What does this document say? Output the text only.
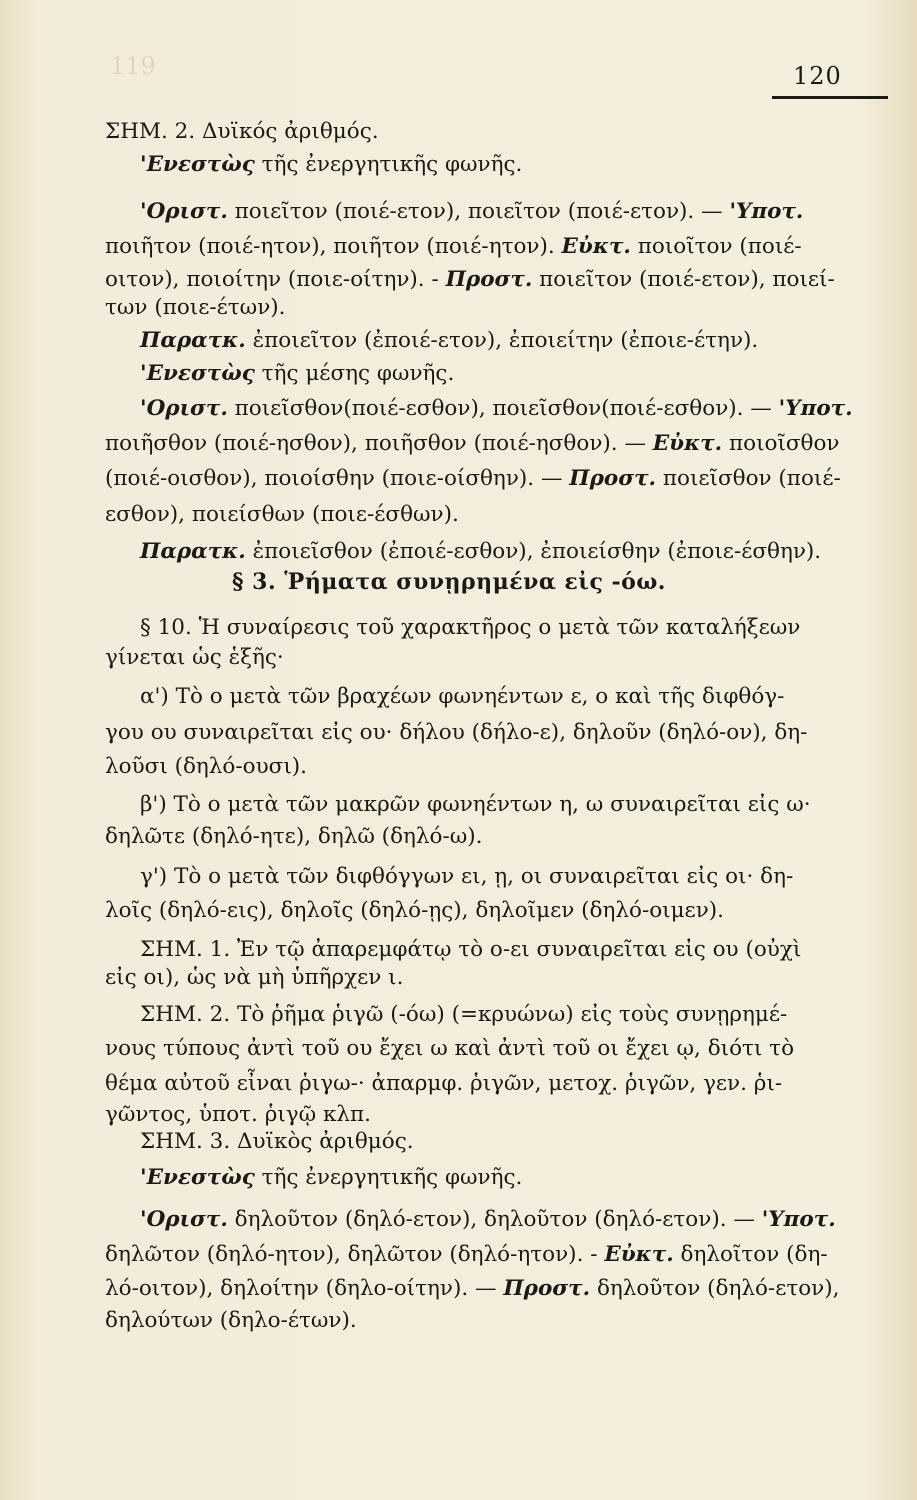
119	120
ΣΗΜ. 2. Δυϊκός ἀριθμός.
'Ενεστὼς τῆς ἐνεργητικῆς φωνῆς.
'Οριστ. ποιεῖτον (ποιέ-ετον), ποιεῖτον (ποιέ-ετον). — 'Υποτ.
ποιῆτον (ποιέ-ητον), ποιῆτον (ποιέ-ητον). Εὐκτ. ποιοῖτον (ποιέ-
οιτον), ποιοίτην (ποιε-οίτην). - Προστ. ποιεῖτον (ποιέ-ετον), ποιεί-
των (ποιε-έτων).
Παρατκ. ἐποιεῖτον (ἐποιέ-ετον), ἐποιείτην (ἐποιε-έτην).
'Ενεστὼς τῆς μέσης φωνῆς.
'Οριστ. ποιεῖσθον(ποιέ-εσθον), ποιεῖσθον(ποιέ-εσθον). — 'Υποτ.
ποιῆσθον (ποιέ-ησθον), ποιῆσθον (ποιέ-ησθον). — Εὐκτ. ποιοῖσθον
(ποιέ-οισθον), ποιοίσθην (ποιε-οίσθην). — Προστ. ποιεῖσθον (ποιέ-
εσθον), ποιείσθων (ποιε-έσθων).
Παρατκ. ἐποιεῖσθον (ἐποιέ-εσθον), ἐποιείσθην (ἐποιε-έσθην).
§ 3. Ῥήματα συνῃρημένα εἰς -όω.
§ 10. Ἡ συναίρεσις τοῦ χαρακτῆρος ο μετὰ τῶν καταλήξεων
γίνεται ὡς ἑξῆς·
α') Τὸ ο μετὰ τῶν βραχέων φωνηέντων ε, ο καὶ τῆς διφθόγ-
γου ου συναιρεῖται εἰς ου· δήλου (δήλο-ε), δηλοῦν (δηλό-ον), δη-
λοῦσι (δηλό-ουσι).
β') Τὸ ο μετὰ τῶν μακρῶν φωνηέντων η, ω συναιρεῖται εἰς ω·
δηλῶτε (δηλό-ητε), δηλῶ (δηλό-ω).
γ') Τὸ ο μετὰ τῶν διφθόγγων ει, ῃ, οι συναιρεῖται εἰς οι· δη-
λοῖς (δηλό-εις), δηλοῖς (δηλό-ῃς), δηλοῖμεν (δηλό-οιμεν).
ΣΗΜ. 1. Ἐν τῷ ἀπαρεμφάτῳ τὸ ο-ει συναιρεῖται εἰς ου (οὐχὶ
εἰς οι), ὡς νὰ μὴ ὑπῆρχεν ι.
ΣΗΜ. 2. Τὸ ῥῆμα ῥιγῶ (-όω) (=κρυώνω) εἰς τοὺς συνῃρημέ-
νους τύπους ἀντὶ τοῦ ου ἔχει ω καὶ ἀντὶ τοῦ οι ἔχει ῳ, διότι τὸ
θέμα αὐτοῦ εἶναι ῥιγω-· ἀπαρμφ. ῥιγῶν, μετοχ. ῥιγῶν, γεν. ῥι-
γῶντος, ὑποτ. ῥιγῷ κλπ.
ΣΗΜ. 3. Δυϊκὸς ἀριθμός.
'Ενεστὼς τῆς ἐνεργητικῆς φωνῆς.
'Οριστ. δηλοῦτον (δηλό-ετον), δηλοῦτον (δηλό-ετον). — 'Υποτ.
δηλῶτον (δηλό-ητον), δηλῶτον (δηλό-ητον). - Εὐκτ. δηλοῖτον (δη-
λό-οιτον), δηλοίτην (δηλο-οίτην). — Προστ. δηλοῦτον (δηλό-ετον),
δηλούτων (δηλο-έτων).
